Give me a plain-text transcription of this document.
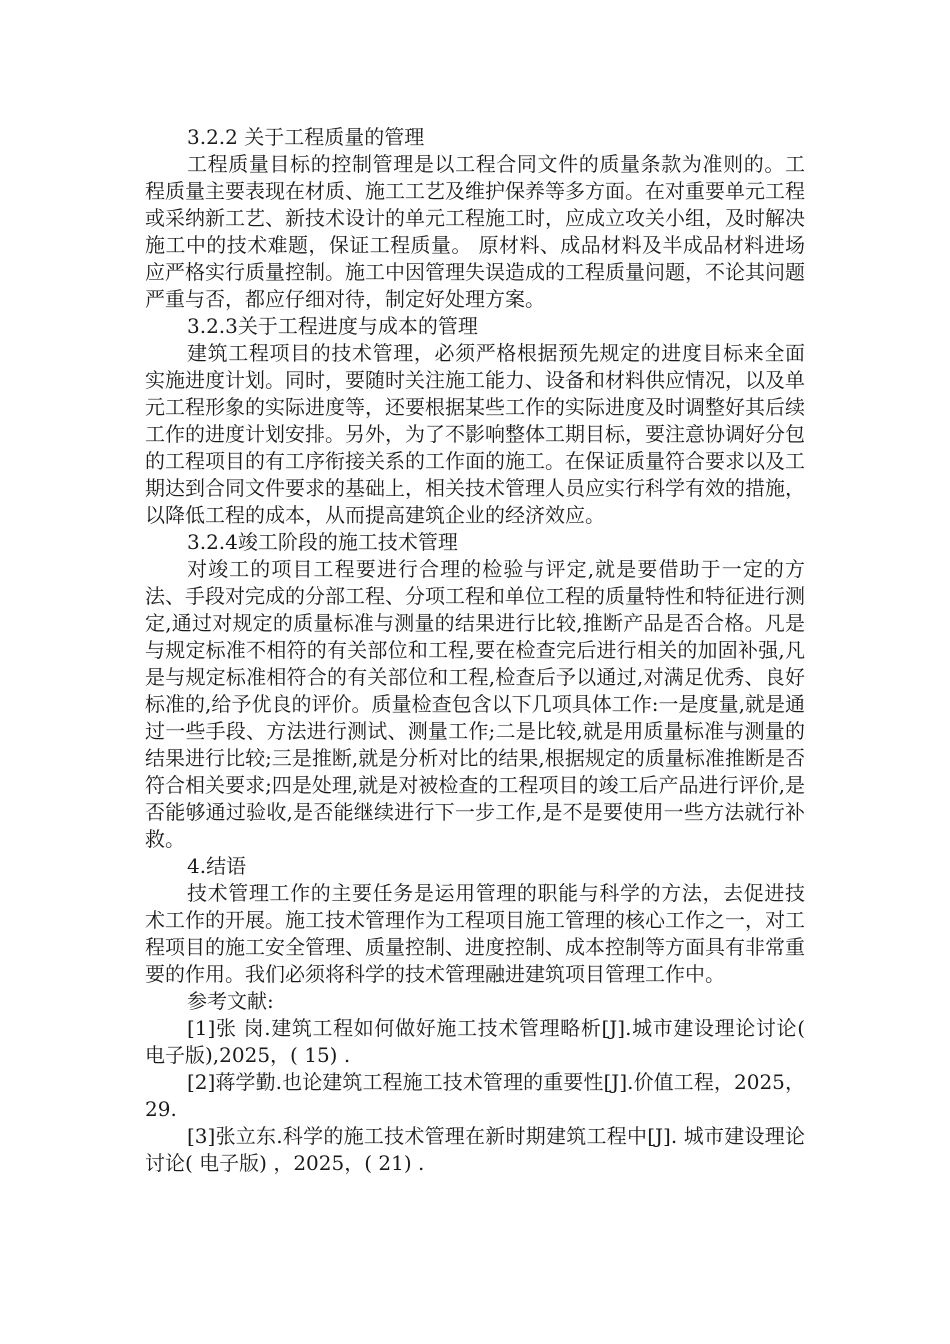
3.2.2 关于工程质量的管理

工程质量目标的控制管理是以工程合同文件的质量条款为准则的。工程质量主要表现在材质、施工工艺及维护保养等多方面。在对重要单元工程或采纳新工艺、新技术设计的单元工程施工时，应成立攻关小组，及时解决施工中的技术难题，保证工程质量。 原材料、成品材料及半成品材料进场应严格实行质量控制。施工中因管理失误造成的工程质量问题，不论其问题严重与否，都应仔细对待，制定好处理方案。

3.2.3关于工程进度与成本的管理

建筑工程项目的技术管理，必须严格根据预先规定的进度目标来全面实施进度计划。同时，要随时关注施工能力、设备和材料供应情况，以及单元工程形象的实际进度等，还要根据某些工作的实际进度及时调整好其后续工作的进度计划安排。另外，为了不影响整体工期目标，要注意协调好分包的工程项目的有工序衔接关系的工作面的施工。在保证质量符合要求以及工期达到合同文件要求的基础上，相关技术管理人员应实行科学有效的措施，以降低工程的成本，从而提高建筑企业的经济效应。

3.2.4竣工阶段的施工技术管理

对竣工的项目工程要进行合理的检验与评定,就是要借助于一定的方法、手段对完成的分部工程、分项工程和单位工程的质量特性和特征进行测定,通过对规定的质量标准与测量的结果进行比较,推断产品是否合格。凡是与规定标准不相符的有关部位和工程,要在检查完后进行相关的加固补强,凡是与规定标准相符合的有关部位和工程,检查后予以通过,对满足优秀、良好标准的,给予优良的评价。质量检查包含以下几项具体工作:一是度量,就是通过一些手段、方法进行测试、测量工作;二是比较,就是用质量标准与测量的结果进行比较;三是推断,就是分析对比的结果,根据规定的质量标准推断是否符合相关要求;四是处理,就是对被检查的工程项目的竣工后产品进行评价,是否能够通过验收,是否能继续进行下一步工作,是不是要使用一些方法就行补救。

4.结语

技术管理工作的主要任务是运用管理的职能与科学的方法，去促进技术工作的开展。施工技术管理作为工程项目施工管理的核心工作之一，对工程项目的施工安全管理、质量控制、进度控制、成本控制等方面具有非常重要的作用。我们必须将科学的技术管理融进建筑项目管理工作中。

参考文献:

[1]张 岗.建筑工程如何做好施工技术管理略析[J].城市建设理论讨论( 电子版),2025，( 15) .

[2]蒋学勤.也论建筑工程施工技术管理的重要性[J].价值工程，2025，29.

[3]张立东.科学的施工技术管理在新时期建筑工程中[J]. 城市建设理论讨论( 电子版) ，2025，( 21) .
